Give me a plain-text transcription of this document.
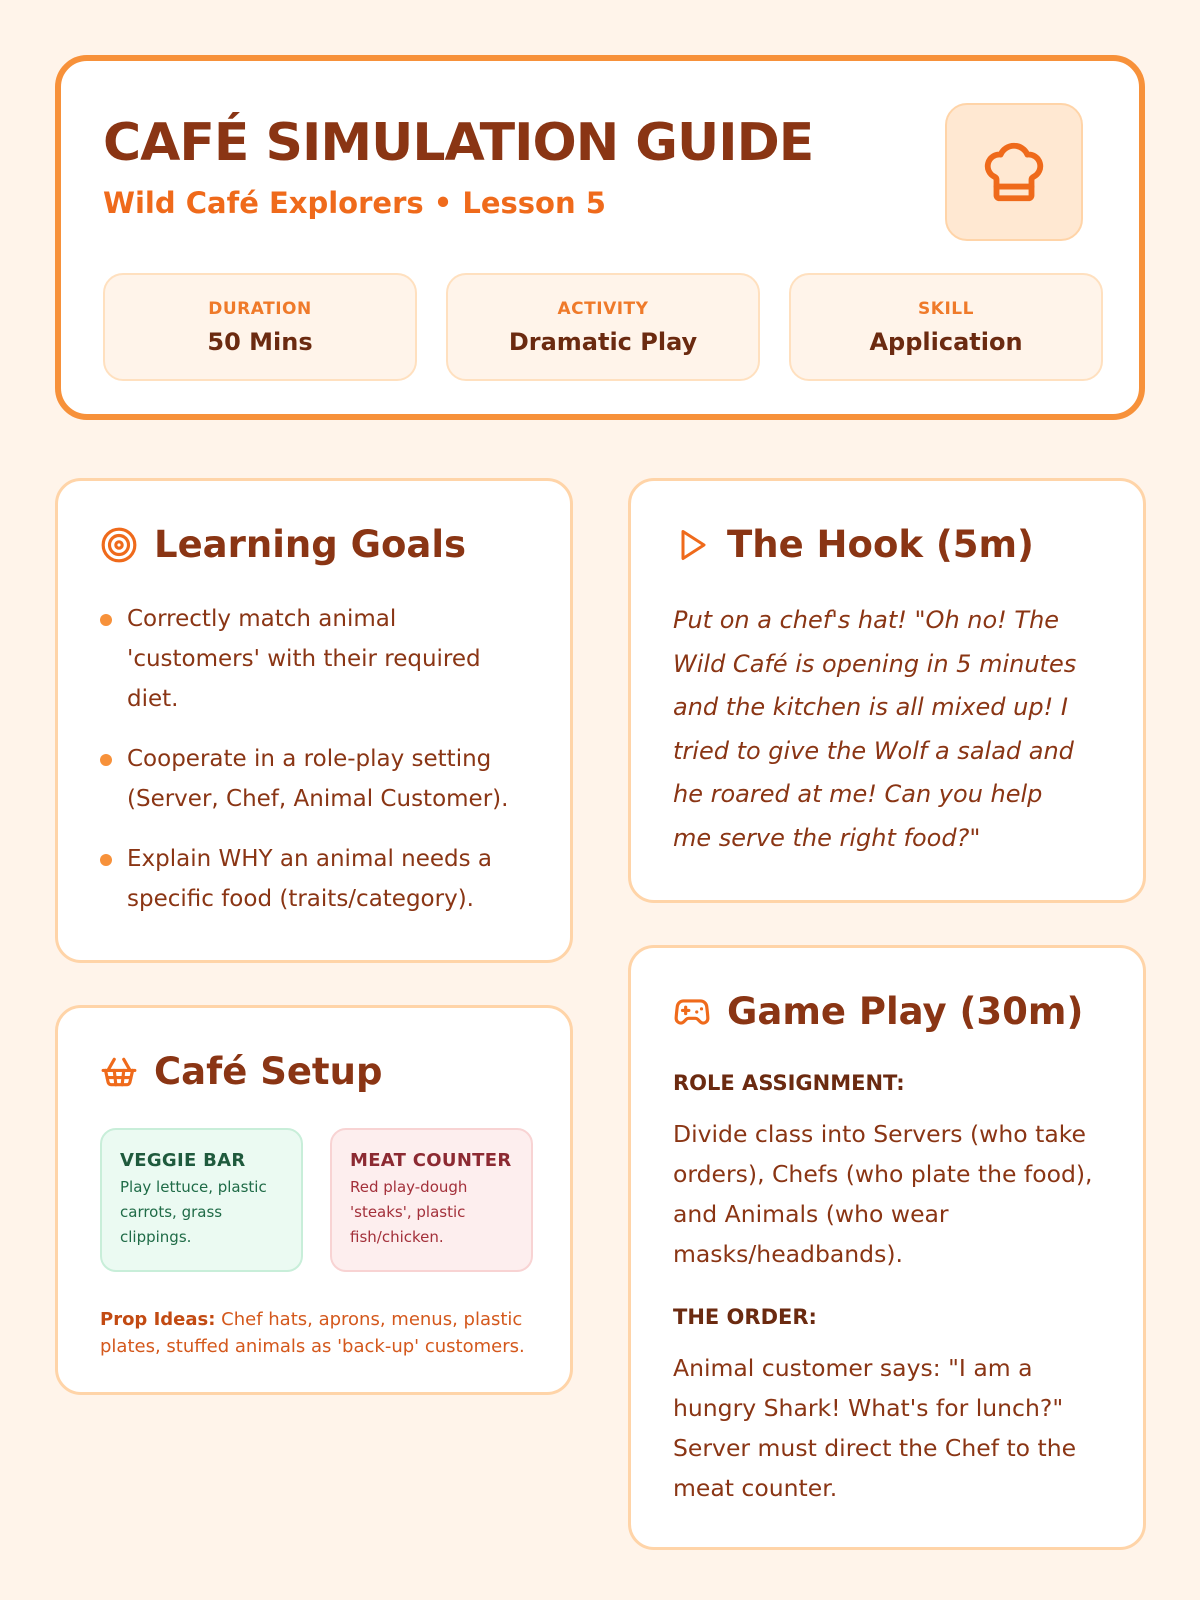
CAFÉ SIMULATION GUIDE
Wild Café Explorers • Lesson 5
DURATION
50 Mins
ACTIVITY
Dramatic Play
SKILL
Application
Learning Goals
Correctly match animal 'customers' with their required diet.
Cooperate in a role-play setting (Server, Chef, Animal Customer).
Explain WHY an animal needs a specific food (traits/category).
Café Setup
VEGGIE BAR
Play lettuce, plastic carrots, grass clippings.
MEAT COUNTER
Red play-dough 'steaks', plastic fish/chicken.
Prop Ideas: Chef hats, aprons, menus, plastic plates, stuffed animals as 'back-up' customers.
The Hook (5m)
Put on a chef's hat! "Oh no! The Wild Café is opening in 5 minutes and the kitchen is all mixed up! I tried to give the Wolf a salad and he roared at me! Can you help me serve the right food?"
Game Play (30m)
ROLE ASSIGNMENT:
Divide class into Servers (who take orders), Chefs (who plate the food), and Animals (who wear masks/headbands).
THE ORDER:
Animal customer says: "I am a hungry Shark! What's for lunch?" Server must direct the Chef to the meat counter.
